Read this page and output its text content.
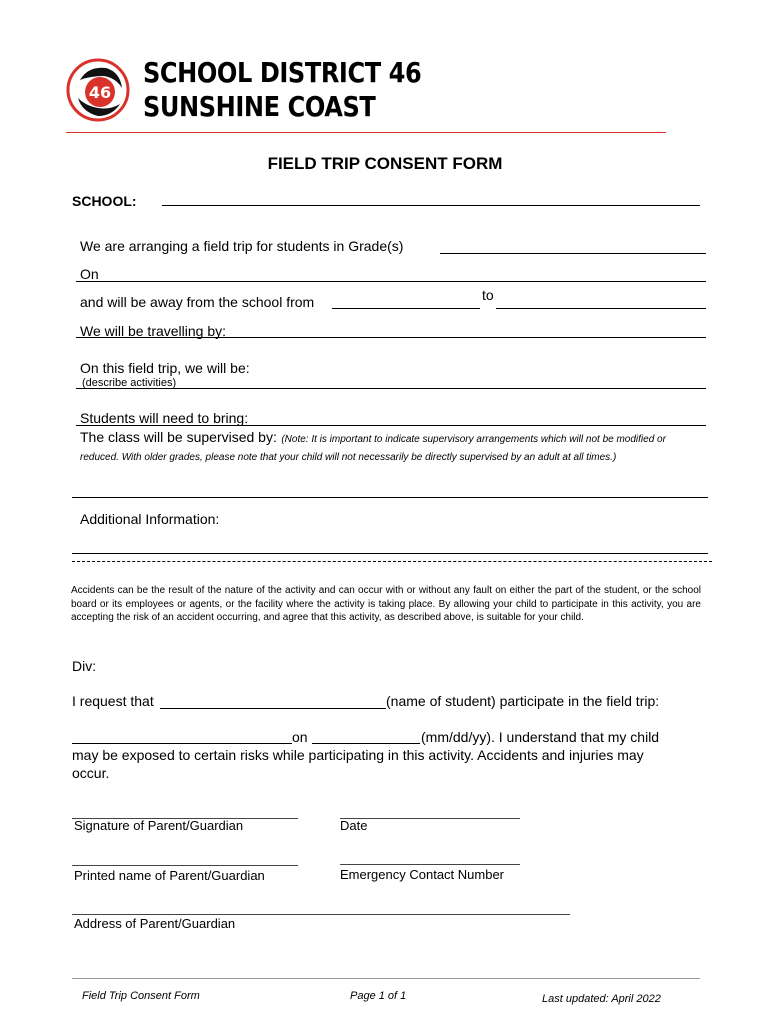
46
SCHOOL DISTRICT 46
SUNSHINE COAST
FIELD TRIP CONSENT FORM
SCHOOL:
We are arranging a field trip for students in Grade(s)
On
and will be away from the school from	to
We will be travelling by:
On this field trip, we will be:
(describe activities)
Students will need to bring:
The class will be supervised by: (Note: It is important to indicate supervisory arrangements which will not be modified or reduced. With older grades, please note that your child will not necessarily be directly supervised by an adult at all times.)
Additional Information:
Accidents can be the result of the nature of the activity and can occur with or without any fault on either the part of the student, or the school board or its employees or agents, or the facility where the activity is taking place. By allowing your child to participate in this activity, you are accepting the risk of an accident occurring, and agree that this activity, as described above, is suitable for your child.
Div:
I request that	(name of student) participate in the field trip:
on	(mm/dd/yy). I understand that my child
may be exposed to certain risks while participating in this activity. Accidents and injuries may
occur.
Signature of Parent/Guardian	Date
Printed name of Parent/Guardian	Emergency Contact Number
Address of Parent/Guardian
Field Trip Consent Form	Page 1 of 1	Last updated: April 2022
